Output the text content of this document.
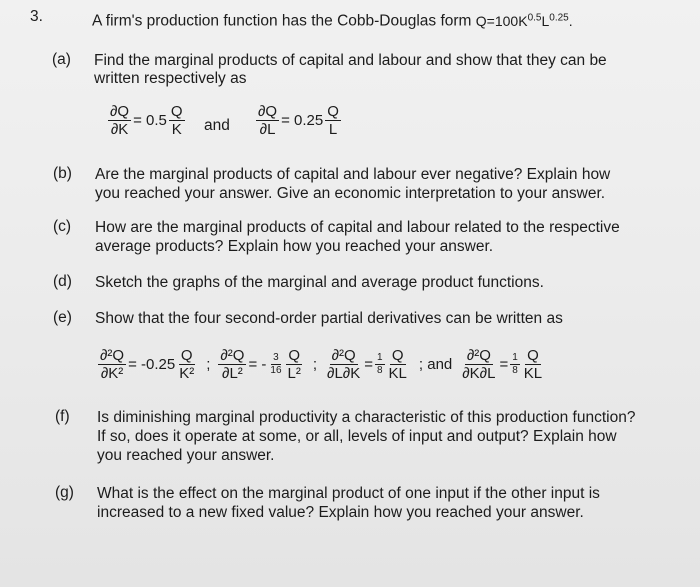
3.	A firm's production function has the Cobb-Douglas form $Q=100K^{0.5}L^{0.25}$.
(a) Find the marginal products of capital and labour and show that they can be
written respectively as
$\frac{\partial Q}{\partial K} = 0.5 \frac{Q}{K}$ and $\frac{\partial Q}{\partial L} = 0.25 \frac{Q}{L}$
(b) Are the marginal products of capital and labour ever negative? Explain how
you reached your answer. Give an economic interpretation to your answer.
(c) How are the marginal products of capital and labour related to the respective
average products? Explain how you reached your answer.
(d) Sketch the graphs of the marginal and average product functions.
(e) Show that the four second-order partial derivatives can be written as
$\frac{\text{∂²Q}}{\text{∂K²}} = -0.25 \frac{Q}{\text{K²}}$ ; $\frac{\text{∂²Q}}{\text{∂L²}}$ = - $\frac{3}{16} \frac{Q}{\text{L²}}$ ; $\frac{\text{∂²Q}}{\partial L\partial K} = \frac{1}{8} \frac{Q}{KL}$ ; and $\frac{\text{∂²Q}}{\partial K\partial L} = \frac{1}{8} \frac{Q}{KL}$
(f) Is diminishing marginal productivity a characteristic of this production function?
If so, does it operate at some, or all, levels of input and output? Explain how
you reached your answer.
(g) What is the effect on the marginal product of one input if the other input is
increased to a new fixed value? Explain how you reached your answer.
